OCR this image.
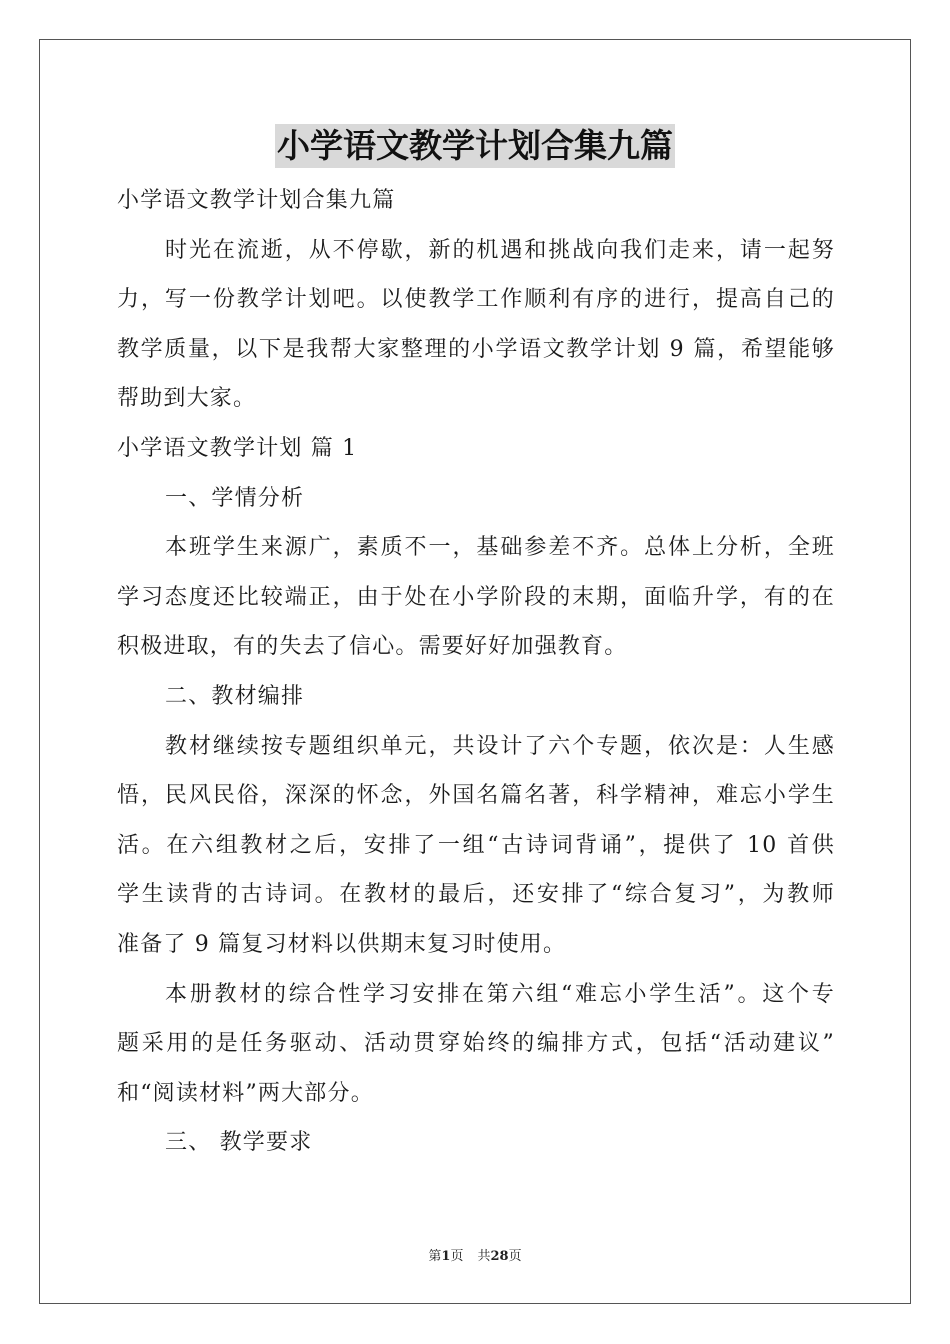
小学语文教学计划合集九篇

小学语文教学计划合集九篇

时光在流逝，从不停歇，新的机遇和挑战向我们走来，请一起努

力，写一份教学计划吧。以使教学工作顺利有序的进行，提高自己的

教学质量，以下是我帮大家整理的小学语文教学计划 9 篇，希望能够

帮助到大家。

小学语文教学计划 篇 1

一、学情分析

本班学生来源广，素质不一，基础参差不齐。总体上分析，全班

学习态度还比较端正，由于处在小学阶段的末期，面临升学，有的在

积极进取，有的失去了信心。需要好好加强教育。

二、教材编排

教材继续按专题组织单元，共设计了六个专题，依次是：人生感

悟，民风民俗，深深的怀念，外国名篇名著，科学精神，难忘小学生

活。在六组教材之后，安排了一组“古诗词背诵”，提供了 10 首供

学生读背的古诗词。在教材的最后，还安排了“综合复习”，为教师

准备了 9 篇复习材料以供期末复习时使用。

本册教材的综合性学习安排在第六组“难忘小学生活”。这个专

题采用的是任务驱动、活动贯穿始终的编排方式，包括“活动建议”

和“阅读材料”两大部分。

三、 教学要求

第1页 共28页
